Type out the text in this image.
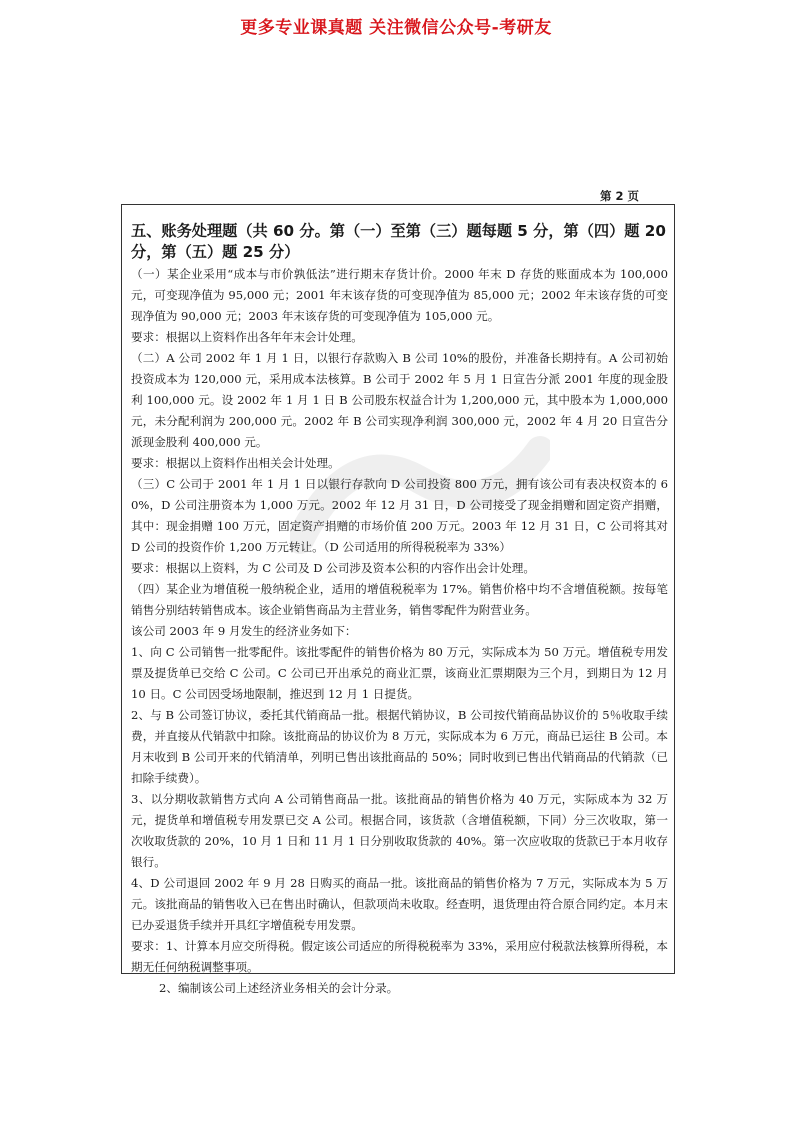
更多专业课真题 关注微信公众号-考研友
第 2 页
五、账务处理题（共 60 分。第（一）至第（三）题每题 5 分，第（四）题 20 分，第（五）题 25 分）

（一）某企业采用“成本与市价孰低法”进行期末存货计价。2000 年末 D 存货的账面成本为 100,000 元，可变现净值为 95,000 元；2001 年末该存货的可变现净值为 85,000 元；2002 年末该存货的可变现净值为 90,000 元；2003 年末该存货的可变现净值为 105,000 元。

要求：根据以上资料作出各年年末会计处理。

（二）A 公司 2002 年 1 月 1 日，以银行存款购入 B 公司 10%的股份，并准备长期持有。A 公司初始投资成本为 120,000 元，采用成本法核算。B 公司于 2002 年 5 月 1 日宣告分派 2001 年度的现金股利 100,000 元。设 2002 年 1 月 1 日 B 公司股东权益合计为 1,200,000 元，其中股本为 1,000,000 元，未分配利润为 200,000 元。2002 年 B 公司实现净利润 300,000 元，2002 年 4 月 20 日宣告分派现金股利 400,000 元。

要求：根据以上资料作出相关会计处理。

（三）C 公司于 2001 年 1 月 1 日以银行存款向 D 公司投资 800 万元，拥有该公司有表决权资本的 60%，D 公司注册资本为 1,000 万元。2002 年 12 月 31 日，D 公司接受了现金捐赠和固定资产捐赠，其中：现金捐赠 100 万元，固定资产捐赠的市场价值 200 万元。2003 年 12 月 31 日，C 公司将其对 D 公司的投资作价 1,200 万元转让。（D 公司适用的所得税税率为 33%）

要求：根据以上资料，为 C 公司及 D 公司涉及资本公积的内容作出会计处理。

（四）某企业为增值税一般纳税企业，适用的增值税税率为 17%。销售价格中均不含增值税额。按每笔销售分别结转销售成本。该企业销售商品为主营业务，销售零配件为附营业务。

该公司 2003 年 9 月发生的经济业务如下：

1、向 C 公司销售一批零配件。该批零配件的销售价格为 80 万元，实际成本为 50 万元。增值税专用发票及提货单已交给 C 公司。C 公司已开出承兑的商业汇票，该商业汇票期限为三个月，到期日为 12 月 10 日。C 公司因受场地限制，推迟到 12 月 1 日提货。

2、与 B 公司签订协议，委托其代销商品一批。根据代销协议，B 公司按代销商品协议价的 5％收取手续费，并直接从代销款中扣除。该批商品的协议价为 8 万元，实际成本为 6 万元，商品已运往 B 公司。本月末收到 B 公司开来的代销清单，列明已售出该批商品的 50%；同时收到已售出代销商品的代销款（已扣除手续费）。

3、以分期收款销售方式向 A 公司销售商品一批。该批商品的销售价格为 40 万元，实际成本为 32 万元，提货单和增值税专用发票已交 A 公司。根据合同，该货款（含增值税额，下同）分三次收取，第一次收取货款的 20%，10 月 1 日和 11 月 1 日分别收取货款的 40%。第一次应收取的货款已于本月收存银行。

4、D 公司退回 2002 年 9 月 28 日购买的商品一批。该批商品的销售价格为 7 万元，实际成本为 5 万元。该批商品的销售收入已在售出时确认，但款项尚未收取。经查明，退货理由符合原合同约定。本月末已办妥退货手续并开具红字增值税专用发票。

要求：1、计算本月应交所得税。假定该公司适应的所得税税率为 33%，采用应付税款法核算所得税，本期无任何纳税调整事项。

2、编制该公司上述经济业务相关的会计分录。
